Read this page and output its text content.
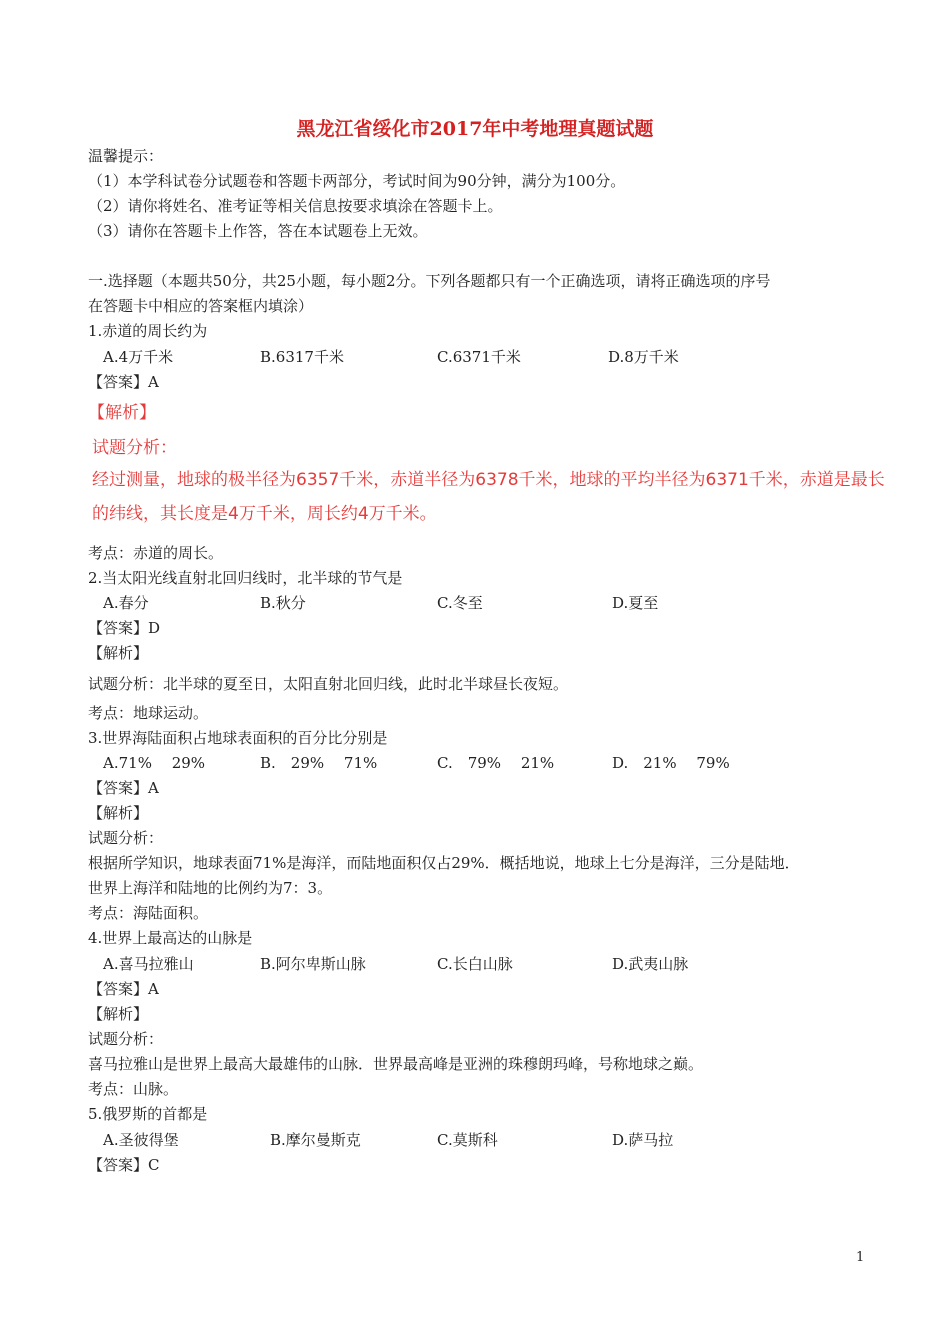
黑龙江省绥化市2017年中考地理真题试题
温馨提示：
（1）本学科试卷分试题卷和答题卡两部分，考试时间为90分钟，满分为100分。
（2）请你将姓名、准考证等相关信息按要求填涂在答题卡上。
（3）请你在答题卡上作答，答在本试题卷上无效。
一.选择题（本题共50分，共25小题，每小题2分。下列各题都只有一个正确选项，请将正确选项的序号
在答题卡中相应的答案框内填涂）
1.赤道的周长约为
A.4万千米	B.6317千米	C.6371千米	D.8万千米
【答案】A
【解析】
试题分析：
经过测量，地球的极半径为6357千米，赤道半径为6378千米，地球的平均半径为6371千米，赤道是最长
的纬线，其长度是4万千米，周长约4万千米。
考点：赤道的周长。
2.当太阳光线直射北回归线时，北半球的节气是
A.春分	B.秋分	C.冬至	D.夏至
【答案】D
【解析】
试题分析：北半球的夏至日，太阳直射北回归线，此时北半球昼长夜短。
考点：地球运动。
3.世界海陆面积占地球表面积的百分比分别是
A.71%　 29%	B.　29%　 71%	C.　79%　 21%	D.　21%　 79%
【答案】A
【解析】
试题分析：
根据所学知识，地球表面71%是海洋，而陆地面积仅占29%．概括地说，地球上七分是海洋，三分是陆地．
世界上海洋和陆地的比例约为7：3。
考点：海陆面积。
4.世界上最高达的山脉是
A.喜马拉雅山	B.阿尔卑斯山脉	C.长白山脉	D.武夷山脉
【答案】A
【解析】
试题分析：
喜马拉雅山是世界上最高大最雄伟的山脉．世界最高峰是亚洲的珠穆朗玛峰，号称地球之巅。
考点：山脉。
5.俄罗斯的首都是
A.圣彼得堡	B.摩尔曼斯克	C.莫斯科	D.萨马拉
【答案】C
1
